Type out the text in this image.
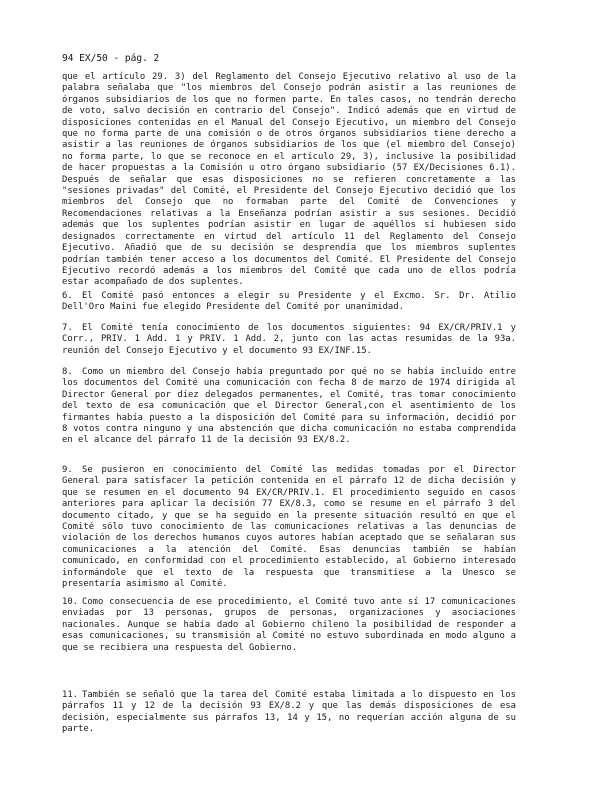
94 EX/50 - pág. 2
que el artículo 29. 3) del Reglamento del Consejo Ejecutivo relativo al uso de la palabra señalaba que "los miembros del Consejo podrán asistir a las reuniones de órganos subsidiarios de los que no formen parte. En tales casos, no tendrán derecho de voto, salvo decisión en contrario del Consejo". Indicó además que en virtud de disposiciones contenidas en el Manual del Consejo Ejecutivo, un miembro del Consejo que no forma parte de una comisión o de otros órganos subsidiarios tiene derecho a asistir a las reuniones de órganos subsidiarios de los que (el miembro del Consejo) no forma parte, lo que se reconoce en el artículo 29, 3), inclusive la posibilidad de hacer propuestas a la Comisión u otro órgano subsidiario (57 EX/Decisiones 6.1). Después de señalar que esas disposiciones no se refieren concretamente a las "sesiones privadas" del Comité, el Presidente del Consejo Ejecutivo decidió que los miembros del Consejo que no formaban parte del Comité de Convenciones y Recomendaciones relativas a la Enseñanza podrían asistir a sus sesiones. Decidió además que los suplentes podrían asistir en lugar de aquéllos si hubiesen sido designados correctamente en virtud del artículo 11 del Reglamento del Consejo Ejecutivo. Añadió que de su decisión se desprendía que los miembros suplentes podrían también tener acceso a los documentos del Comité. El Presidente del Consejo Ejecutivo recordó además a los miembros del Comité que cada uno de ellos podría estar acompañado de dos suplentes.
6.	El Comité pasó entonces a elegir su Presidente y el Excmo. Sr. Dr. Atilio Dell'Oro Maini fue elegido Presidente del Comité por unanimidad.
7.	El Comité tenía conocimiento de los documentos siguientes: 94 EX/CR/PRIV.1 y Corr., PRIV. 1 Add. 1 y PRIV. 1 Add. 2, junto con las actas resumidas de la 93a. reunión del Consejo Ejecutivo y el documento 93 EX/INF.15.
8.	Como un miembro del Consejo había preguntado por qué no se había incluido entre los documentos del Comité una comunicación con fecha 8 de marzo de 1974 dirigida al Director General por diez delegados permanentes, el Comité, tras tomar conocimiento del texto de esa comunicación que el Director General,con el asentimiento de los firmantes había puesto a la disposición del Comité para su información, decidió por 8 votos contra ninguno y una abstención que dicha comunicación no estaba comprendida en el alcance del párrafo 11 de la decisión 93 EX/8.2.
9.	Se pusieron en conocimiento del Comité las medidas tomadas por el Director General para satisfacer la petición contenida en el párrafo 12 de dicha decisión y que se resumen en el documento 94 EX/CR/PRIV.1. El procedimiento seguido en casos anteriores para aplicar la decisión 77 EX/8.3, como se resume en el párrafo 3 del documento citado, y que se ha seguido en la presente situación resultó en que el Comité sólo tuvo conocimiento de las comunicaciones relativas a las denuncias de violación de los derechos humanos cuyos autores habían aceptado que se señalaran sus comunicaciones a la atención del Comité. Esas denuncias también se habían comunicado, en conformidad con el procedimiento establecido, al Gobierno interesado informándole que el texto de la respuesta que transmitiese a la Unesco se presentaría asimismo al Comité.
10. Como consecuencia de ese procedimiento, el Comité tuvo ante sí 17 comunicaciones enviadas por 13 personas, grupos de personas, organizaciones y asociaciones nacionales. Aunque se había dado al Gobierno chileno la posibilidad de responder a esas comunicaciones, su transmisión al Comité no estuvo subordinada en modo alguno a que se recibiera una respuesta del Gobierno.
11. También se señaló que la tarea del Comité estaba limitada a lo dispuesto en los párrafos 11 y 12 de la decisión 93 EX/8.2 y que las demás disposiciones de esa decisión, especialmente sus párrafos 13, 14 y 15, no requerían acción alguna de su parte.
